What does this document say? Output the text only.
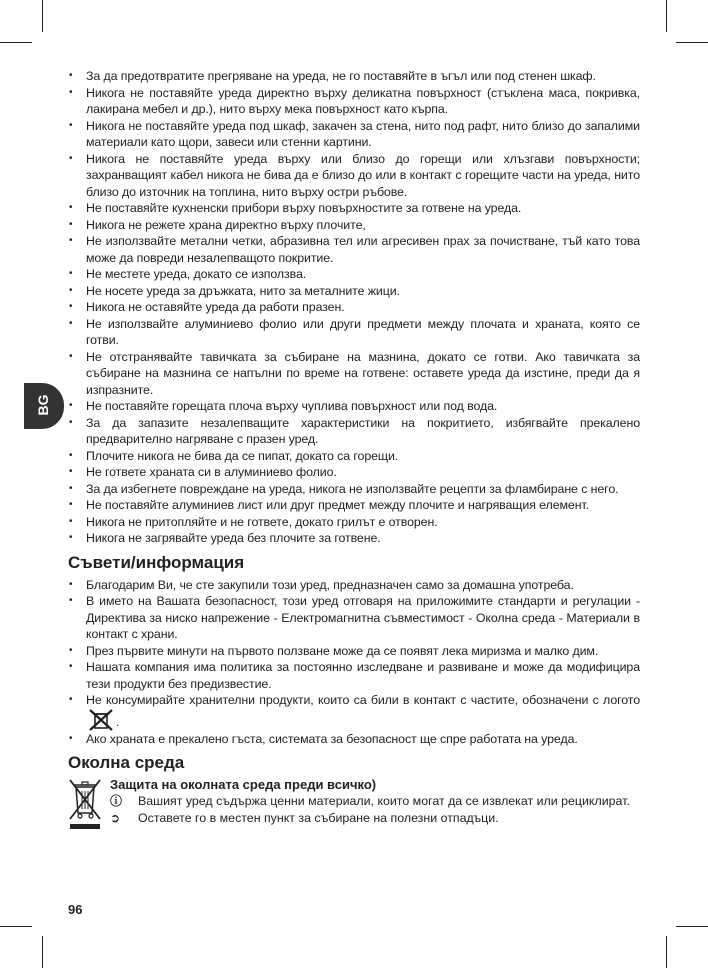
BG
• За да предотвратите прегряване на уреда, не го поставяйте в ъгъл или под стенен шкаф.
• Никога не поставяйте уреда директно върху деликатна повърхност (стъклена маса, покривка, лакирана мебел и др.), нито върху мека повърхност като кърпа.
• Никога не поставяйте уреда под шкаф, закачен за стена, нито под рафт, нито близо до запалими материали като щори, завеси или стенни картини.
• Никога не поставяйте уреда върху или близо до горещи или хлъзгави повърхности; захранващият кабел никога не бива да е близо до или в контакт с горещите части на уреда, нито близо до източник на топлина, нито върху остри ръбове.
• Не поставяйте кухненски прибори върху повърхностите за готвене на уреда.
• Никога не режете храна директно върху плочите,
• Не използвайте метални четки, абразивна тел или агресивен прах за почистване, тъй като това може да повреди незалепващото покритие.
• Не местете уреда, докато се използва.
• Не носете уреда за дръжката, нито за металните жици.
• Никога не оставяйте уреда да работи празен.
• Не използвайте алуминиево фолио или други предмети между плочата и храната, която се готви.
• Не отстранявайте тавичката за събиране на мазнина, докато се готви. Ако тавичката за събиране на мазнина се напълни по време на готвене: оставете уреда да изстине, преди да я изпразните.
• Не поставяйте горещата плоча върху чуплива повърхност или под вода.
• За да запазите незалепващите характеристики на покритието, избягвайте прекалено предварително нагряване с празен уред.
• Плочите никога не бива да се пипат, докато са горещи.
• Не гответе храната си в алуминиево фолио.
• За да избегнете повреждане на уреда, никога не използвайте рецепти за фламбиране с него.
• Не поставяйте алуминиев лист или друг предмет между плочите и нагряващия елемент.
• Никога не притопляйте и не гответе, докато грилът е отворен.
• Никога не загрявайте уреда без плочите за готвене.
Съвети/информация
• Благодарим Ви, че сте закупили този уред, предназначен само за домашна употреба.
• В името на Вашата безопасност, този уред отговаря на приложимите стандарти и регулации - Директива за ниско напрежение - Електромагнитна съвместимост - Околна среда - Материали в контакт с храни.
• През първите минути на първото ползване може да се появят лека миризма и малко дим.
• Нашата компания има политика за постоянно изследване и развиване и може да модифицира тези продукти без предизвестие.
• Не консумирайте хранителни продукти, които са били в контакт с частите, обозначени с логото .
• Ако храната е прекалено гъста, системата за безопасност ще спре работата на уреда.
Околна среда
Защита на околната среда преди всичко)
ⓘ Вашият уред съдържа ценни материали, които могат да се извлекат или рециклират.
➲ Оставете го в местен пункт за събиране на полезни отпадъци.
96
